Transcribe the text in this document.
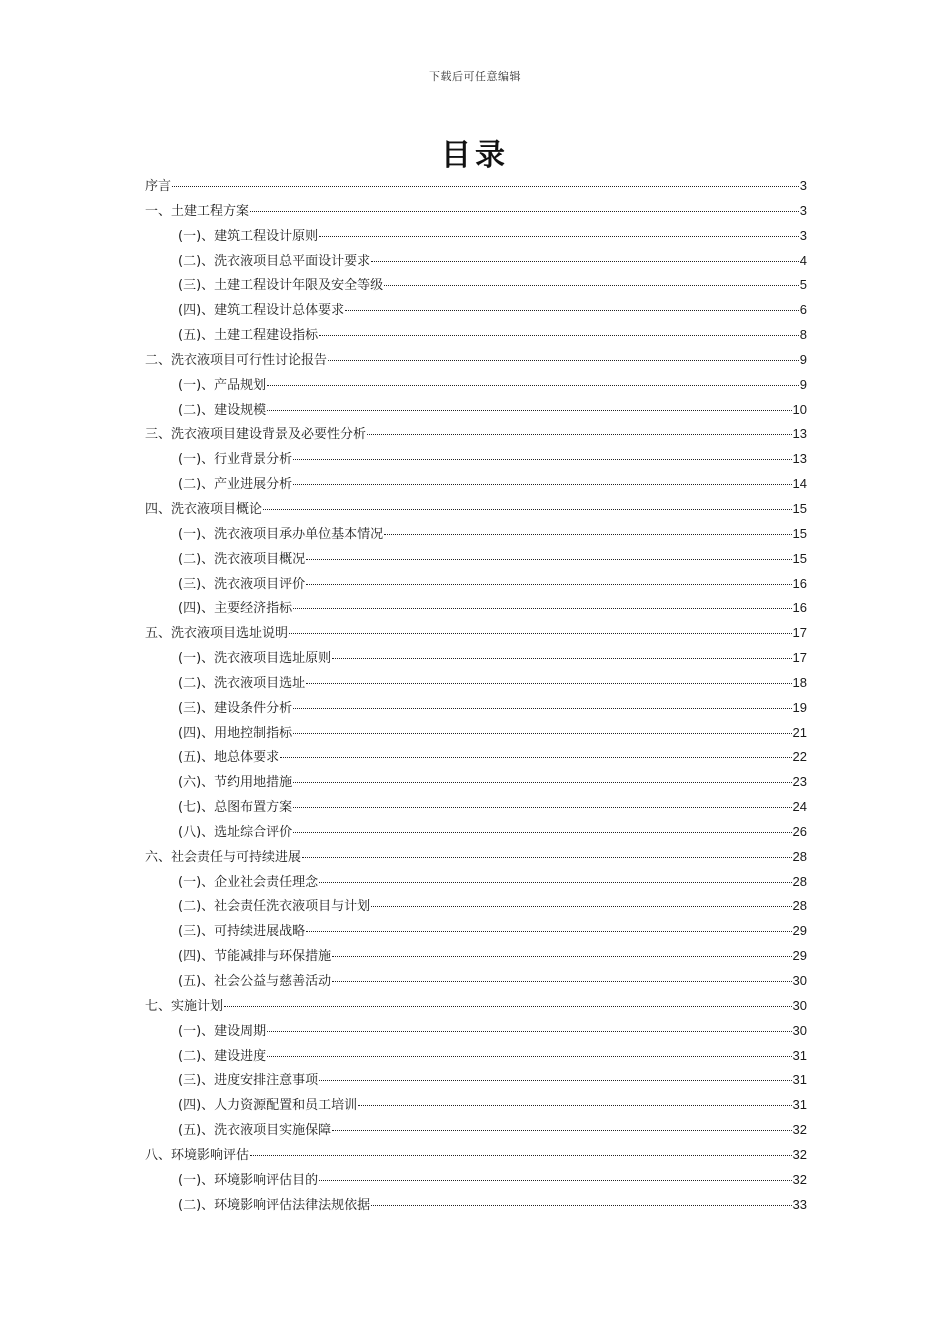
下载后可任意编辑
目录
序言	3
一、土建工程方案	3
(一)、建筑工程设计原则	3
(二)、洗衣液项目总平面设计要求	4
(三)、土建工程设计年限及安全等级	5
(四)、建筑工程设计总体要求	6
(五)、土建工程建设指标	8
二、洗衣液项目可行性讨论报告	9
(一)、产品规划	9
(二)、建设规模	10
三、洗衣液项目建设背景及必要性分析	13
(一)、行业背景分析	13
(二)、产业进展分析	14
四、洗衣液项目概论	15
(一)、洗衣液项目承办单位基本情况	15
(二)、洗衣液项目概况	15
(三)、洗衣液项目评价	16
(四)、主要经济指标	16
五、洗衣液项目选址说明	17
(一)、洗衣液项目选址原则	17
(二)、洗衣液项目选址	18
(三)、建设条件分析	19
(四)、用地控制指标	21
(五)、地总体要求	22
(六)、节约用地措施	23
(七)、总图布置方案	24
(八)、选址综合评价	26
六、社会责任与可持续进展	28
(一)、企业社会责任理念	28
(二)、社会责任洗衣液项目与计划	28
(三)、可持续进展战略	29
(四)、节能减排与环保措施	29
(五)、社会公益与慈善活动	30
七、实施计划	30
(一)、建设周期	30
(二)、建设进度	31
(三)、进度安排注意事项	31
(四)、人力资源配置和员工培训	31
(五)、洗衣液项目实施保障	32
八、环境影响评估	32
(一)、环境影响评估目的	32
(二)、环境影响评估法律法规依据	33
